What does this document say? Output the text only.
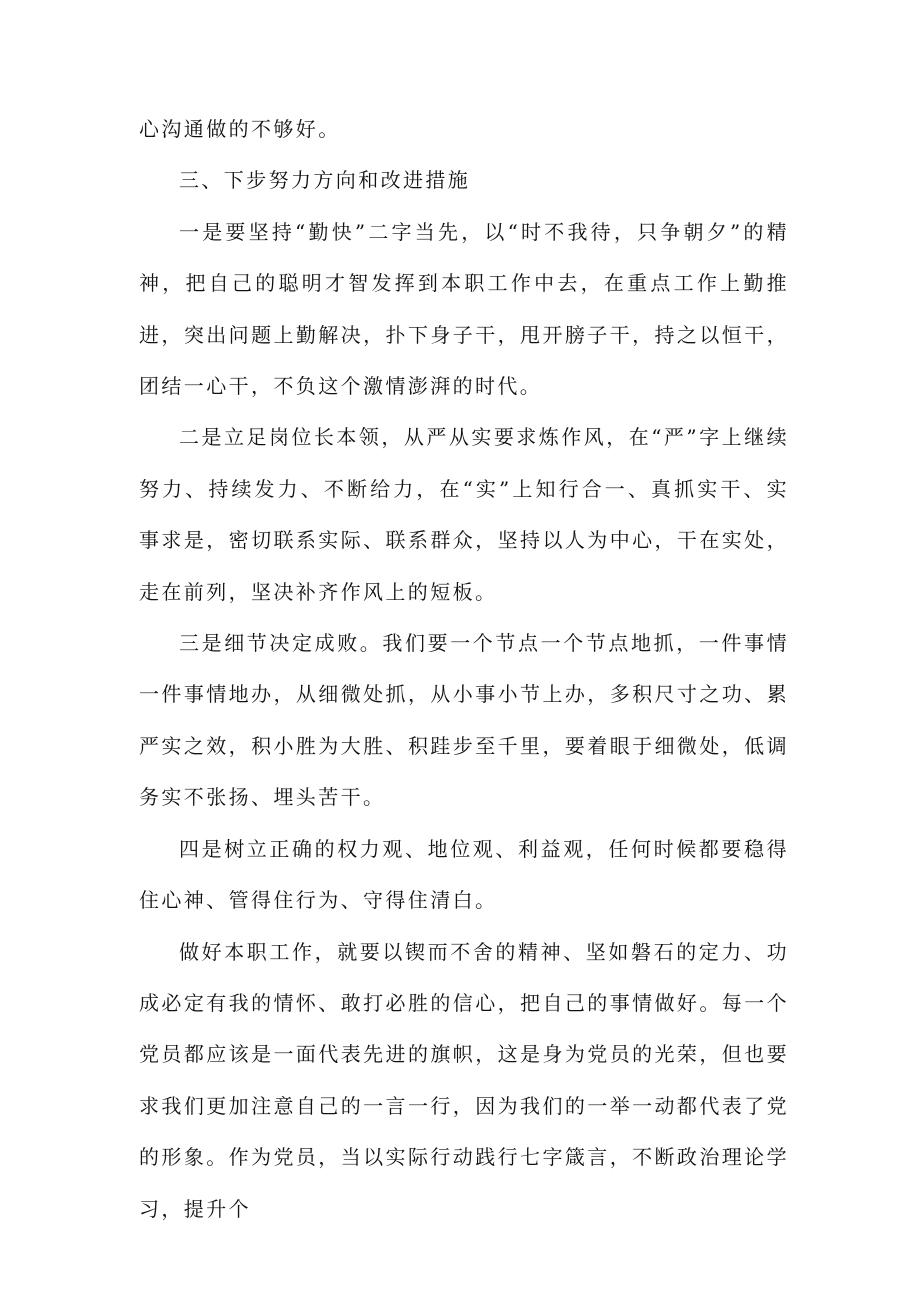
心沟通做的不够好。

三、下步努力方向和改进措施

一是要坚持“勤快”二字当先，以“时不我待，只争朝夕”的精神，把自己的聪明才智发挥到本职工作中去，在重点工作上勤推进，突出问题上勤解决，扑下身子干，甩开膀子干，持之以恒干，团结一心干，不负这个激情澎湃的时代。

二是立足岗位长本领，从严从实要求炼作风，在“严”字上继续努力、持续发力、不断给力，在“实”上知行合一、真抓实干、实事求是，密切联系实际、联系群众，坚持以人为中心，干在实处，走在前列，坚决补齐作风上的短板。

三是细节决定成败。我们要一个节点一个节点地抓，一件事情一件事情地办，从细微处抓，从小事小节上办，多积尺寸之功、累严实之效，积小胜为大胜、积跬步至千里，要着眼于细微处，低调务实不张扬、埋头苦干。

四是树立正确的权力观、地位观、利益观，任何时候都要稳得住心神、管得住行为、守得住清白。

做好本职工作，就要以锲而不舍的精神、坚如磐石的定力、功成必定有我的情怀、敢打必胜的信心，把自己的事情做好。每一个党员都应该是一面代表先进的旗帜，这是身为党员的光荣，但也要求我们更加注意自己的一言一行，因为我们的一举一动都代表了党的形象。作为党员，当以实际行动践行七字箴言，不断政治理论学习，提升个
